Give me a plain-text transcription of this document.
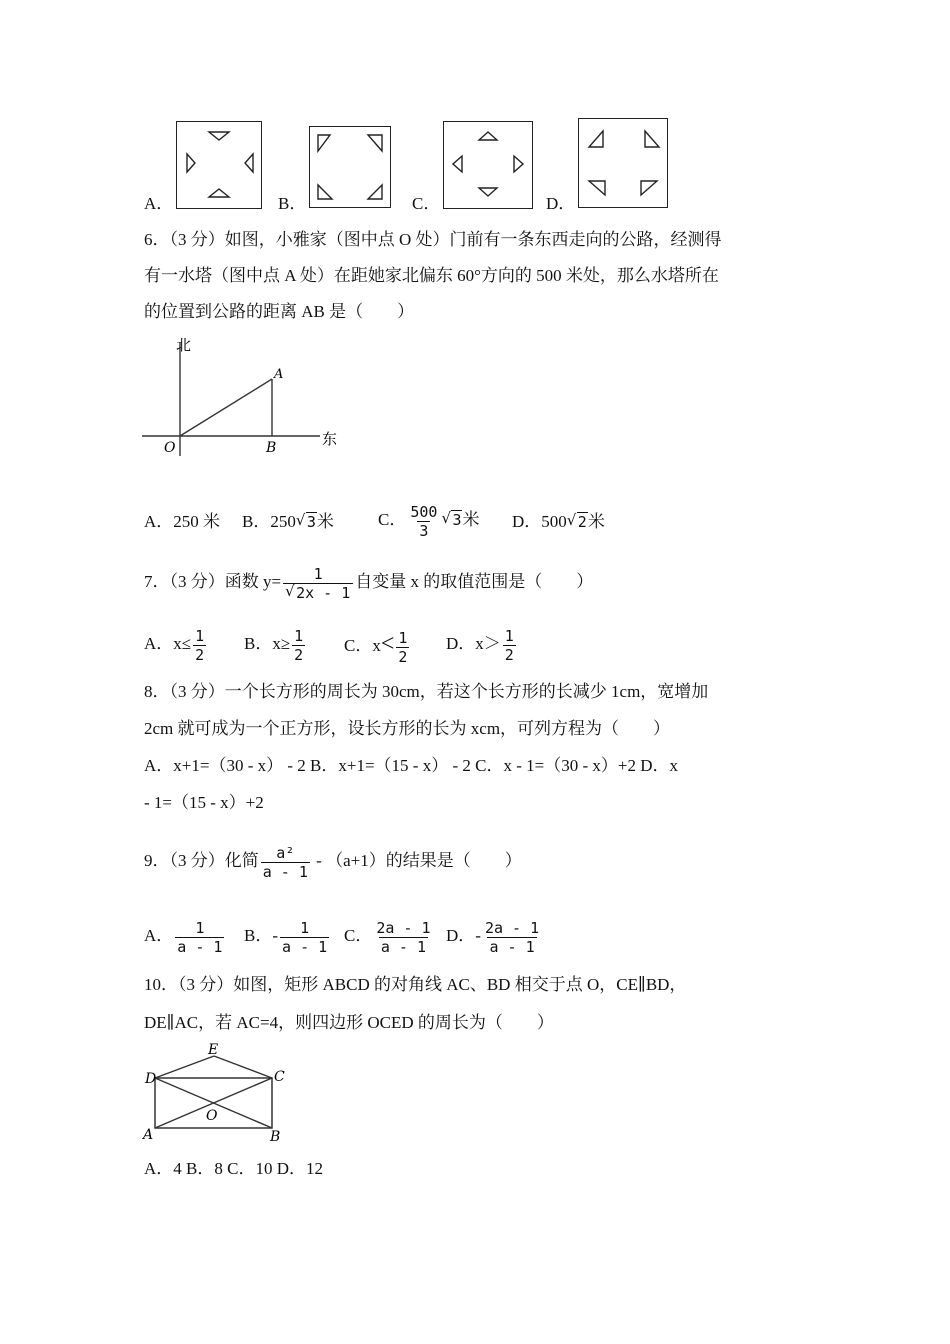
A．	B．	C．	D．
6．（3 分）如图，小雅家（图中点 O 处）门前有一条东西走向的公路，经测得
有一水塔（图中点 A 处）在距她家北偏东 60°方向的 500 米处，那么水塔所在
的位置到公路的距离 AB 是（　　）
北
东
O
A
B
A．250 米 B．250 √ 3米	C． $\frac{500}{3}$ √ 3米 D．500 √ 2米
7．（3 分）函数 y= 1
√ 2x - 1 自变量 x 的取值范围是（　　）
A．$x\le \frac{1}{2}$ B．$x\ge \frac{1}{2}$ C．$x< \frac{1}{2}$ D．$x> \frac{1}{2}$
8．（3 分）一个长方形的周长为 30cm，若这个长方形的长减少 1cm，宽增加
2cm 就可成为一个正方形，设长方形的长为 xcm，可列方程为（　　）
A．x+1=（30 - x） - 2 B．x+1=（15 - x） - 2 C．x - 1=（30 - x）+2 D．x
- 1=（15 - x）+2
9．（3 分）化简 $\frac{\text{a²}}{a - 1} - (a+1)$的结果是（　　）
A． $\frac{1}{a - 1}$ B．- $\frac{1}{a - 1}$ C． $\frac{2a - 1}{a - 1}$ D．- $\frac{2a - 1}{a - 1}$
10．（3 分）如图，矩形 ABCD 的对角线 AC、BD 相交于点 O，CE∥BD，
DE∥AC，若 AC=4，则四边形 OCED 的周长为（　　）
E
D	C
O
A	B
A．4 B．8 C．10 D．12
